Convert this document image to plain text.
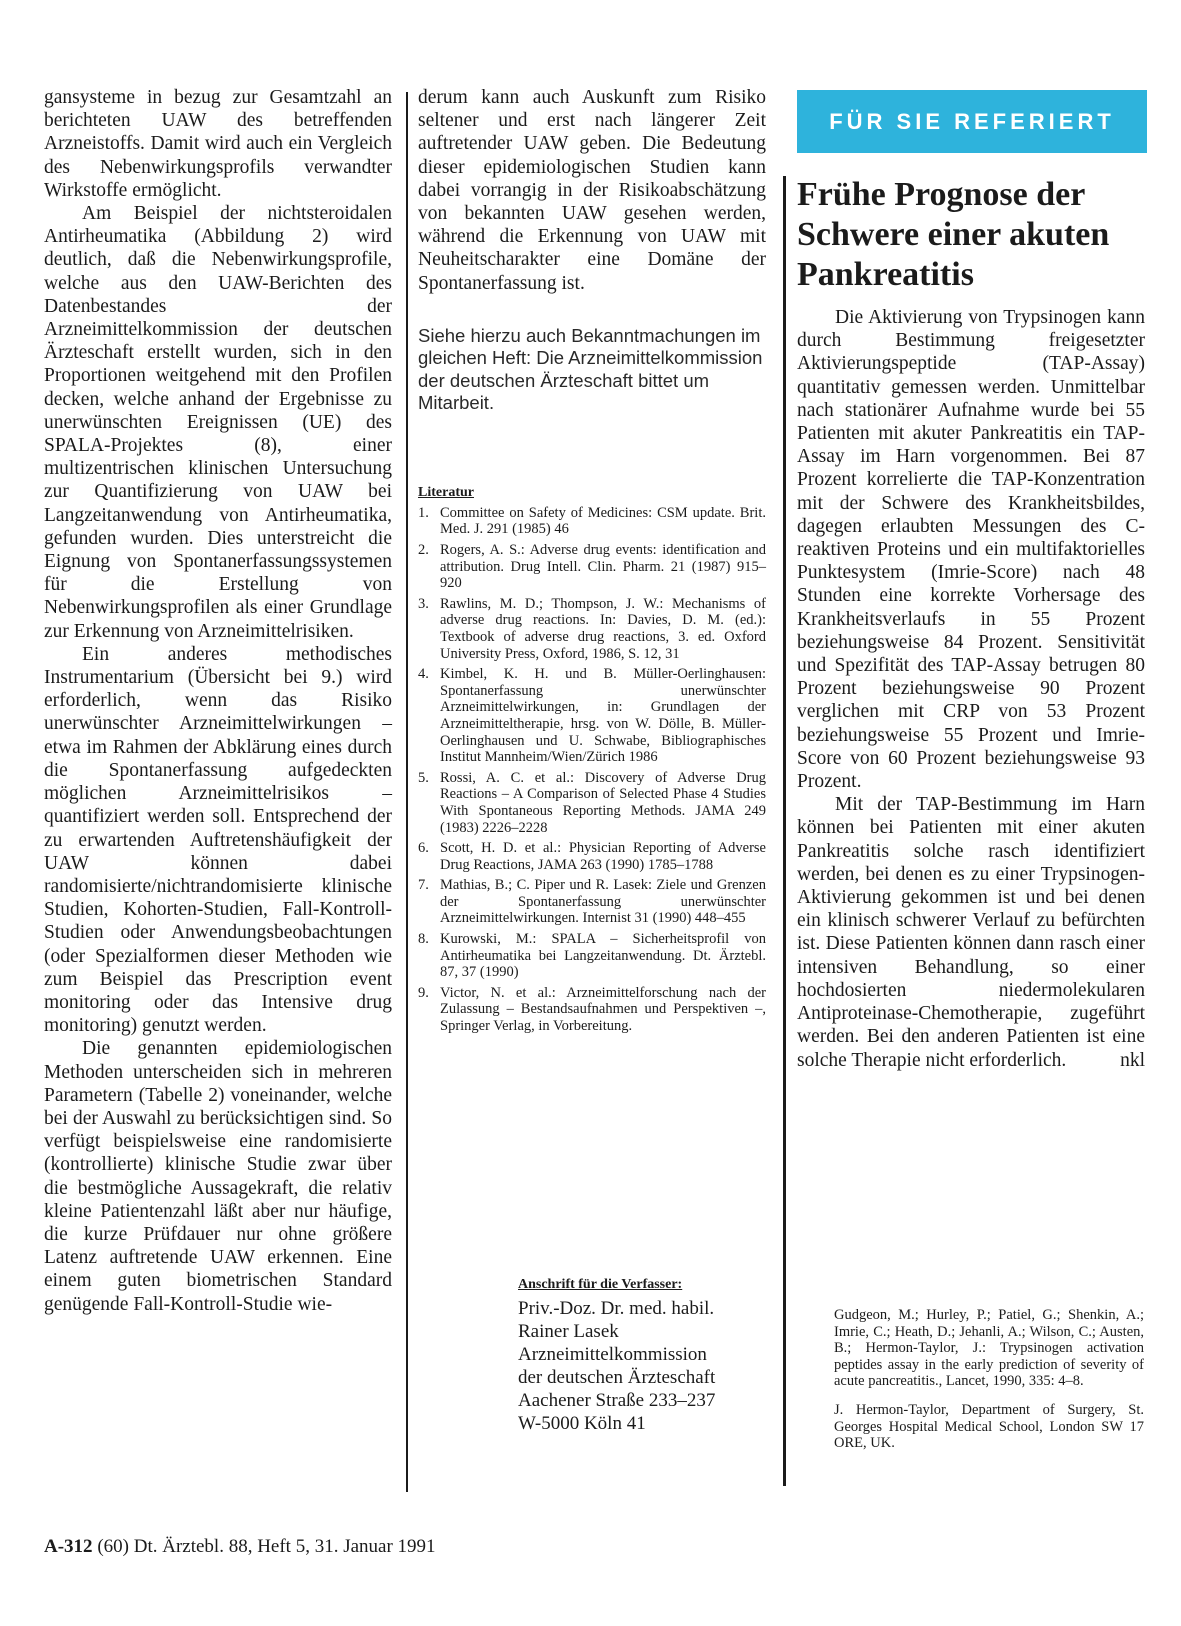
gansysteme in bezug zur Gesamtzahl an berichteten UAW des betreffenden Arzneistoffs. Damit wird auch ein Vergleich des Nebenwirkungsprofils verwandter Wirkstoffe ermöglicht.

Am Beispiel der nichtsteroidalen Antirheumatika (Abbildung 2) wird deutlich, daß die Nebenwirkungsprofile, welche aus den UAW-Berichten des Datenbestandes der Arzneimittelkommission der deutschen Ärzteschaft erstellt wurden, sich in den Proportionen weitgehend mit den Profilen decken, welche anhand der Ergebnisse zu unerwünschten Ereignissen (UE) des SPALA-Projektes (8), einer multizentrischen klinischen Untersuchung zur Quantifizierung von UAW bei Langzeitanwendung von Antirheumatika, gefunden wurden. Dies unterstreicht die Eignung von Spontanerfassungssystemen für die Erstellung von Nebenwirkungsprofilen als einer Grundlage zur Erkennung von Arzneimittelrisiken.

Ein anderes methodisches Instrumentarium (Übersicht bei 9.) wird erforderlich, wenn das Risiko unerwünschter Arzneimittelwirkungen – etwa im Rahmen der Abklärung eines durch die Spontanerfassung aufgedeckten möglichen Arzneimittelrisikos – quantifiziert werden soll. Entsprechend der zu erwartenden Auftretenshäufigkeit der UAW können dabei randomisierte/nichtrandomisierte klinische Studien, Kohorten-Studien, Fall-Kontroll-Studien oder Anwendungsbeobachtungen (oder Spezialformen dieser Methoden wie zum Beispiel das Prescription event monitoring oder das Intensive drug monitoring) genutzt werden.

Die genannten epidemiologischen Methoden unterscheiden sich in mehreren Parametern (Tabelle 2) voneinander, welche bei der Auswahl zu berücksichtigen sind. So verfügt beispielsweise eine randomisierte (kontrollierte) klinische Studie zwar über die bestmögliche Aussagekraft, die relativ kleine Patientenzahl läßt aber nur häufige, die kurze Prüfdauer nur ohne größere Latenz auftretende UAW erkennen. Eine einem guten biometrischen Standard genügende Fall-Kontroll-Studie wie-

derum kann auch Auskunft zum Risiko seltener und erst nach längerer Zeit auftretender UAW geben. Die Bedeutung dieser epidemiologischen Studien kann dabei vorrangig in der Risikoabschätzung von bekannten UAW gesehen werden, während die Erkennung von UAW mit Neuheitscharakter eine Domäne der Spontanerfassung ist.

Siehe hierzu auch Bekanntmachungen im gleichen Heft: Die Arzneimittelkommission der deutschen Ärzteschaft bittet um Mitarbeit.

Literatur
1. Committee on Safety of Medicines: CSM update. Brit. Med. J. 291 (1985) 46
2. Rogers, A. S.: Adverse drug events: identification and attribution. Drug Intell. Clin. Pharm. 21 (1987) 915–920
3. Rawlins, M. D.; Thompson, J. W.: Mechanisms of adverse drug reactions. In: Davies, D. M. (ed.): Textbook of adverse drug reactions, 3. ed. Oxford University Press, Oxford, 1986, S. 12, 31
4. Kimbel, K. H. und B. Müller-Oerlinghausen: Spontanerfassung unerwünschter Arzneimittelwirkungen, in: Grundlagen der Arzneimitteltherapie, hrsg. von W. Dölle, B. Müller-Oerlinghausen und U. Schwabe, Bibliographisches Institut Mannheim/Wien/Zürich 1986
5. Rossi, A. C. et al.: Discovery of Adverse Drug Reactions – A Comparison of Selected Phase 4 Studies With Spontaneous Reporting Methods. JAMA 249 (1983) 2226–2228
6. Scott, H. D. et al.: Physician Reporting of Adverse Drug Reactions, JAMA 263 (1990) 1785–1788
7. Mathias, B.; C. Piper und R. Lasek: Ziele und Grenzen der Spontanerfassung unerwünschter Arzneimittelwirkungen. Internist 31 (1990) 448–455
8. Kurowski, M.: SPALA – Sicherheitsprofil von Antirheumatika bei Langzeitanwendung. Dt. Ärztebl. 87, 37 (1990)
9. Victor, N. et al.: Arzneimittelforschung nach der Zulassung – Bestandsaufnahmen und Perspektiven –, Springer Verlag, in Vorbereitung.
Anschrift für die Verfasser:
Priv.-Doz. Dr. med. habil.
Rainer Lasek
Arzneimittelkommission
der deutschen Ärzteschaft
Aachener Straße 233–237
W-5000 Köln 41
FÜR SIE REFERIERT
Frühe Prognose der Schwere einer akuten Pankreatitis

Die Aktivierung von Trypsinogen kann durch Bestimmung freigesetzter Aktivierungspeptide (TAP-Assay) quantitativ gemessen werden. Unmittelbar nach stationärer Aufnahme wurde bei 55 Patienten mit akuter Pankreatitis ein TAP-Assay im Harn vorgenommen. Bei 87 Prozent korrelierte die TAP-Konzentration mit der Schwere des Krankheitsbildes, dagegen erlaubten Messungen des C-reaktiven Proteins und ein multifaktorielles Punktesystem (Imrie-Score) nach 48 Stunden eine korrekte Vorhersage des Krankheitsverlaufs in 55 Prozent beziehungsweise 84 Prozent. Sensitivität und Spezifität des TAP-Assay betrugen 80 Prozent beziehungsweise 90 Prozent verglichen mit CRP von 53 Prozent beziehungsweise 55 Prozent und Imrie-Score von 60 Prozent beziehungsweise 93 Prozent.

Mit der TAP-Bestimmung im Harn können bei Patienten mit einer akuten Pankreatitis solche rasch identifiziert werden, bei denen es zu einer Trypsinogen-Aktivierung gekommen ist und bei denen ein klinisch schwerer Verlauf zu befürchten ist. Diese Patienten können dann rasch einer intensiven Behandlung, so einer hochdosierten niedermolekularen Antiproteinase-Chemotherapie, zugeführt werden. Bei den anderen Patienten ist eine solche Therapie nicht erforderlich.	nkl

Gudgeon, M.; Hurley, P.; Patiel, G.; Shenkin, A.; Imrie, C.; Heath, D.; Jehanli, A.; Wilson, C.; Austen, B.; Hermon-Taylor, J.: Trypsinogen activation peptides assay in the early prediction of severity of acute pancreatitis., Lancet, 1990, 335: 4–8.

J. Hermon-Taylor, Department of Surgery, St. Georges Hospital Medical School, London SW 17 ORE, UK.

A-312 (60) Dt. Ärztebl. 88, Heft 5, 31. Januar 1991
